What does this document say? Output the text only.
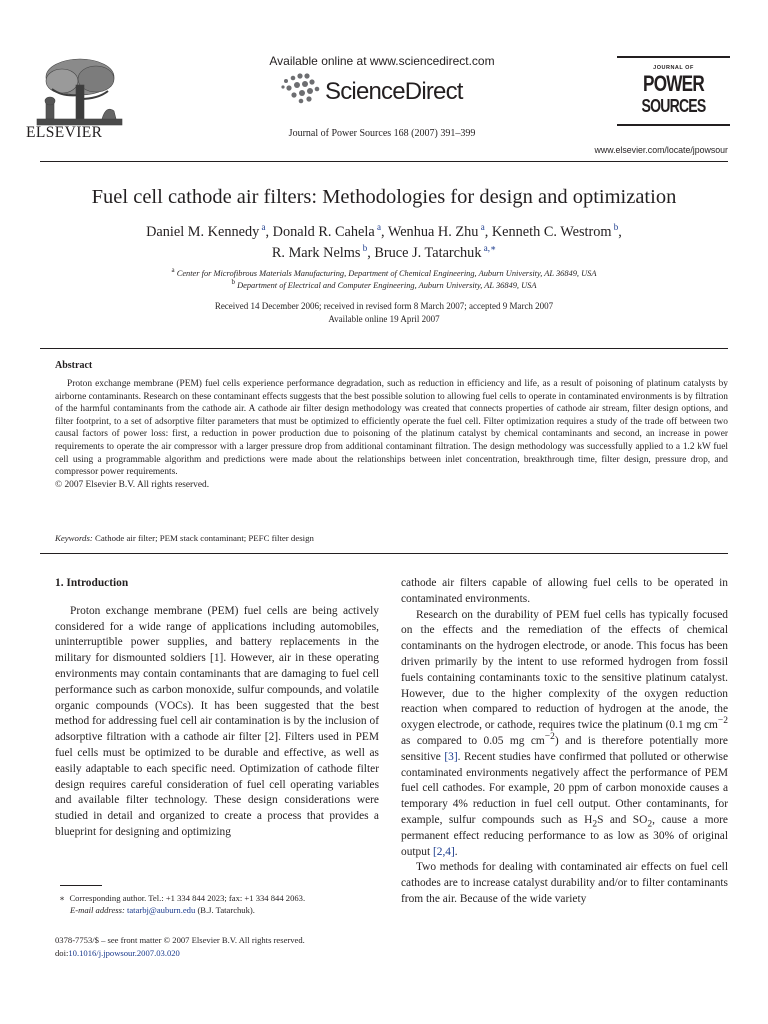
ELSEVIER
Available online at www.sciencedirect.com
ScienceDirect
Journal of Power Sources 168 (2007) 391–399
JOURNAL OF
POWER
SOURCES
www.elsevier.com/locate/jpowsour
Fuel cell cathode air filters: Methodologies for design and optimization
Daniel M. Kennedy $^a$, Donald R. Cahela $^a$, Wenhua H. Zhu $^a$, Kenneth C. Westrom $^b$,
R. Mark Nelms $^b$, Bruce J. Tatarchuk $^{a,∗}$
$^a$ Center for Microfibrous Materials Manufacturing, Department of Chemical Engineering, Auburn University, AL 36849, USA
$^b$ Department of Electrical and Computer Engineering, Auburn University, AL 36849, USA
Received 14 December 2006; received in revised form 8 March 2007; accepted 9 March 2007
Available online 19 April 2007
Abstract

Proton exchange membrane (PEM) fuel cells experience performance degradation, such as reduction in efficiency and life, as a result of poisoning of platinum catalysts by airborne contaminants. Research on these contaminant effects suggests that the best possible solution to allowing fuel cells to operate in contaminated environments is by filtration of the harmful contaminants from the cathode air. A cathode air filter design methodology was created that connects properties of cathode air stream, filter design options, and filter footprint, to a set of adsorptive filter parameters that must be optimized to efficiently operate the fuel cell. Filter optimization requires a study of the trade off between two causal factors of power loss: first, a reduction in power production due to poisoning of the platinum catalyst by chemical contaminants and second, an increase in power requirements to operate the air compressor with a larger pressure drop from additional contaminant filtration. The design methodology was successfully applied to a 1.2 kW fuel cell using a programmable algorithm and predictions were made about the relationships between inlet concentration, breakthrough time, filter design, pressure drop, and compressor power requirements.

© 2007 Elsevier B.V. All rights reserved.

Keywords: Cathode air filter; PEM stack contaminant; PEFC filter design

1. Introduction

Proton exchange membrane (PEM) fuel cells are being actively considered for a wide range of applications including automobiles, uninterruptible power supplies, and battery replacements in the military for dismounted soldiers [1]. However, air in these operating environments may contain contaminants that are damaging to fuel cell performance such as carbon monoxide, sulfur compounds, and volatile organic compounds (VOCs). It has been suggested that the best method for addressing fuel cell air contamination is by the inclusion of adsorptive filtration with a cathode air filter [2]. Filters used in PEM fuel cells must be optimized to be durable and effective, as well as easily adaptable to each specific need. Optimization of cathode filter design requires careful consideration of fuel cell operating variables and available filter technology. These design considerations were studied in detail and organized to create a process that provides a blueprint for designing and optimizing

cathode air filters capable of allowing fuel cells to be operated in contaminated environments.

Research on the durability of PEM fuel cells has typically focused on the effects and the remediation of the effects of chemical contaminants on the hydrogen electrode, or anode. This focus has been driven primarily by the intent to use reformed hydrogen from fossil fuels containing contaminants toxic to the sensitive platinum catalyst. However, due to the higher complexity of the oxygen reduction reaction when compared to reduction of hydrogen at the anode, the oxygen electrode, or cathode, requires twice the platinum (0.1 mg $cm^{-2}$ as compared to 0.05 mg $cm^{-2}$) and is therefore potentially more sensitive [3]. Recent studies have confirmed that polluted or otherwise contaminated environments negatively affect the performance of PEM fuel cell cathodes. For example, 20 ppm of carbon monoxide causes a temporary 4% reduction in fuel cell output. Other contaminants, for example, sulfur compounds such as $H_2S$ and $SO_2$, cause a more permanent effect reducing performance to as low as 30% of original output [2,4].

Two methods for dealing with contaminated air effects on fuel cell cathodes are to increase catalyst durability and/or to filter contaminants from the air. Because of the wide variety

∗ Corresponding author. Tel.: +1 334 844 2023; fax: +1 334 844 2063.
E-mail address: tatarbj@auburn.edu (B.J. Tatarchuk).
0378-7753/$ – see front matter © 2007 Elsevier B.V. All rights reserved.
doi:10.1016/j.jpowsour.2007.03.020
